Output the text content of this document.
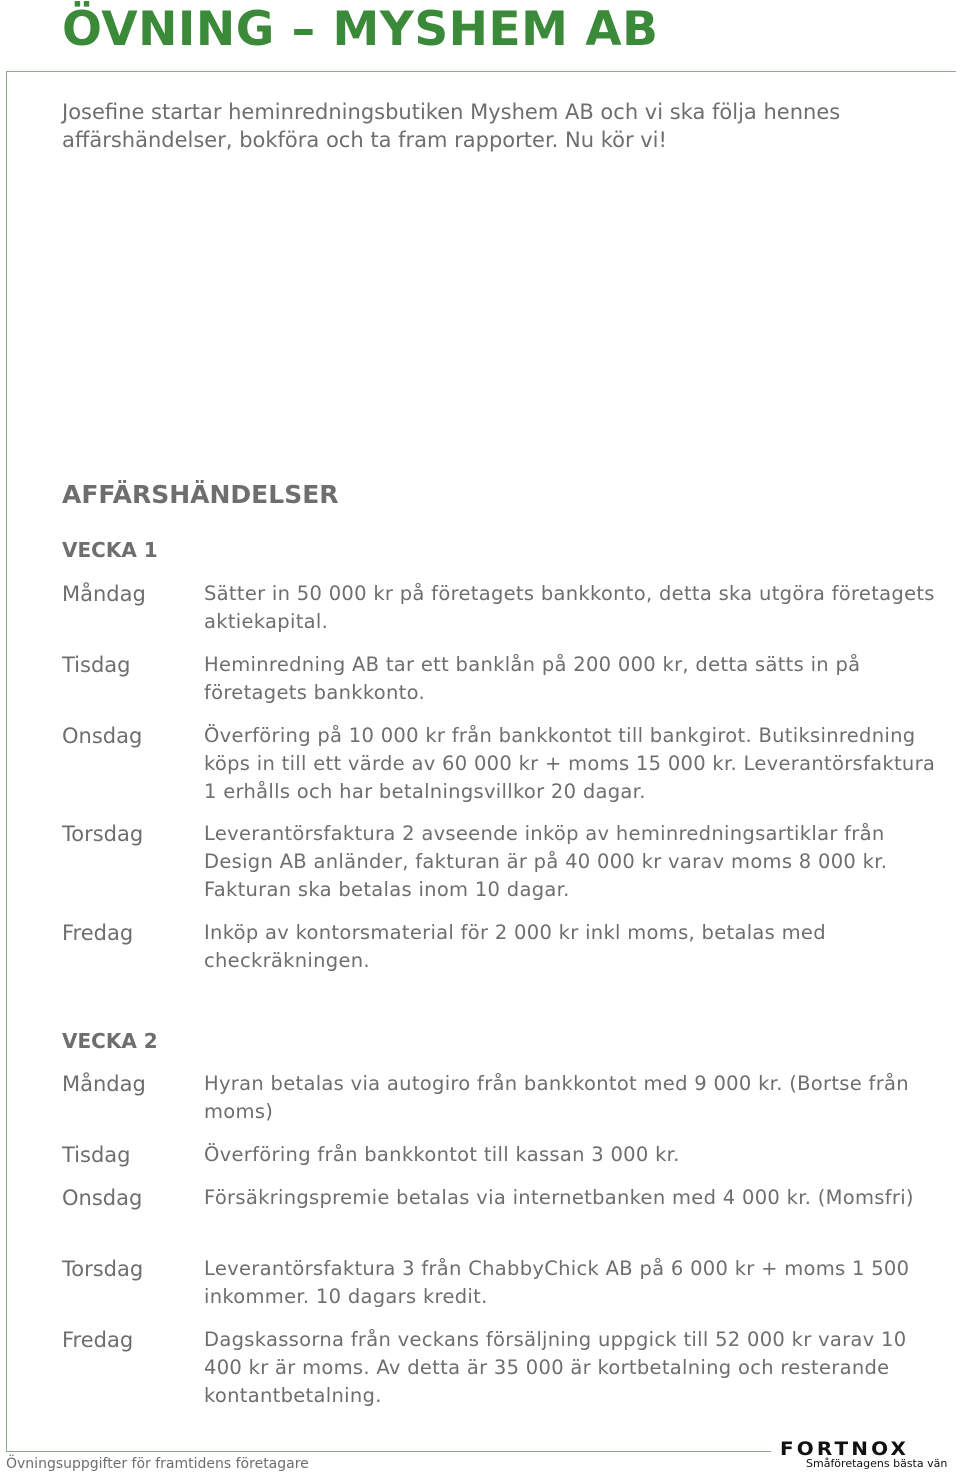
ÖVNING – MYSHEM AB

Josefine startar heminredningsbutiken Myshem AB och vi ska följa hennes affärshändelser, bokföra och ta fram rapporter. Nu kör vi!

AFFÄRSHÄNDELSER
VECKA 1
Måndag	Sätter in 50 000 kr på företagets bankkonto, detta ska utgöra företagets aktiekapital.
Tisdag	Heminredning AB tar ett banklån på 200 000 kr, detta sätts in på företagets bankkonto.
Onsdag	Överföring på 10 000 kr från bankkontot till bankgirot. Butiksinredning köps in till ett värde av 60 000 kr + moms 15 000 kr. Leverantörsfaktura 1 erhålls och har betalningsvillkor 20 dagar.
Torsdag	Leverantörsfaktura 2 avseende inköp av heminredningsartiklar från Design AB anländer, fakturan är på 40 000 kr varav moms 8 000 kr. Fakturan ska betalas inom 10 dagar.
Fredag	Inköp av kontorsmaterial för 2 000 kr inkl moms, betalas med checkräkningen.
VECKA 2
Måndag	Hyran betalas via autogiro från bankkontot med 9 000 kr. (Bortse från moms)
Tisdag	Överföring från bankkontot till kassan 3 000 kr.
Onsdag	Försäkringspremie betalas via internetbanken med 4 000 kr. (Momsfri)
Torsdag	Leverantörsfaktura 3 från ChabbyChick AB på 6 000 kr + moms 1 500 inkommer. 10 dagars kredit.
Fredag	Dagskassorna från veckans försäljning uppgick till 52 000 kr varav 10 400 kr är moms. Av detta är 35 000 är kortbetalning och resterande kontantbetalning.
Övningsuppgifter för framtidens företagare
FORTNOX
Småföretagens bästa vän
